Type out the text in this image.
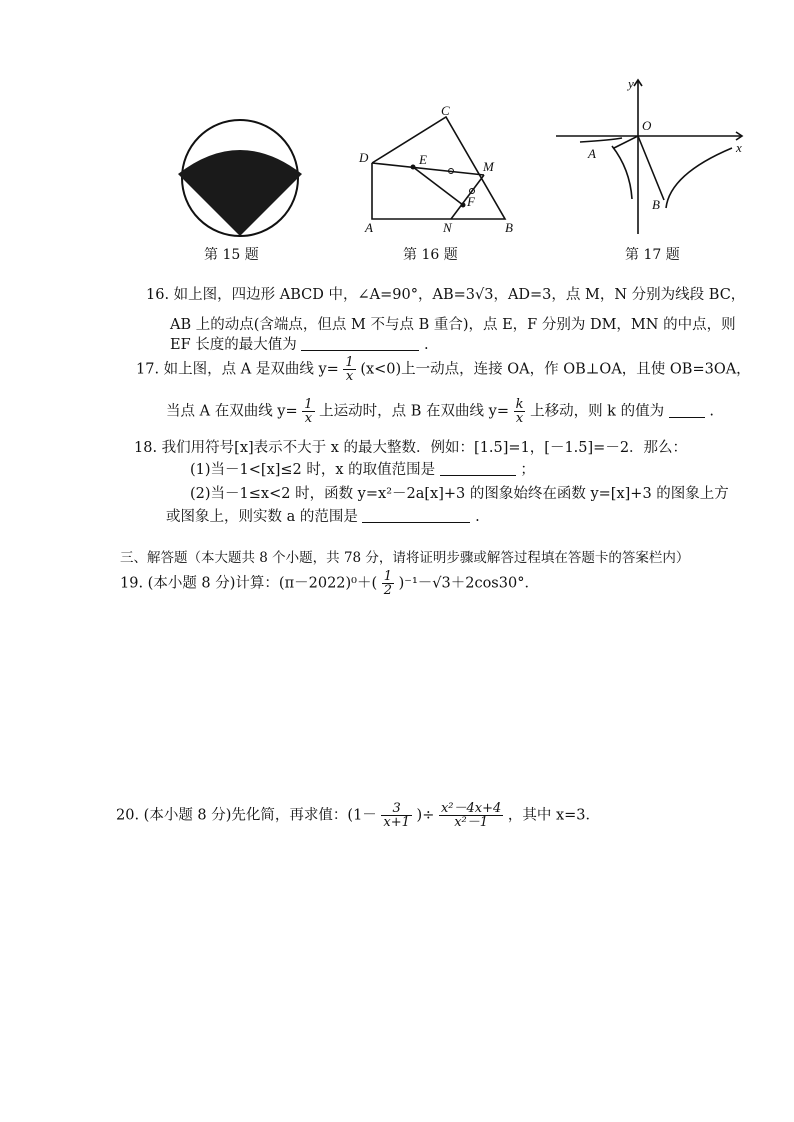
第 15 题
C
D	E	M
F
A	N	B
第 16 题
y
O
x
A
B
第 17 题
16. 如上图，四边形 ABCD 中，∠A=90°，AB=3√3，AD=3，点 M，N 分别为线段 BC，
AB 上的动点(含端点，但点 M 不与点 B 重合)，点 E，F 分别为 DM，MN 的中点，则
EF 长度的最大值为	.
17. 如上图，点 A 是双曲线 $y= \frac{1}{x} (x<0)$上一动点，连接 OA，作 OB⊥OA，且使 OB=3OA，
当点 A 在双曲线 $y= \frac{1}{x}$ 上运动时，点 B 在双曲线 $y= \frac{k}{x}$ 上移动，则 k 的值为	.
18. 我们用符号[x]表示不大于 x 的最大整数．例如：[1.5]=1，[－1.5]=－2．那么：
(1)当－1<[x]≤2 时，x 的取值范围是	；
(2)当－1≤x<2 时，函数 y=x²－2a[x]+3 的图象始终在函数 y=[x]+3 的图象上方
或图象上，则实数 a 的范围是	.
三、解答题（本大题共 8 个小题，共 78 分，请将证明步骤或解答过程填在答题卡的答案栏内）
19. (本小题 8 分)计算：$(\pi-2022)^0+( \frac{1}{2} )^{-1}-√3+2\cos 30^\circ$．
20. (本小题 8 分)先化简，再求值：($1- \frac{3}{x+1}$ )÷ $\frac{\text{x²－4x+4}}{\text{x²－1}}$ ，其中 x=3．
